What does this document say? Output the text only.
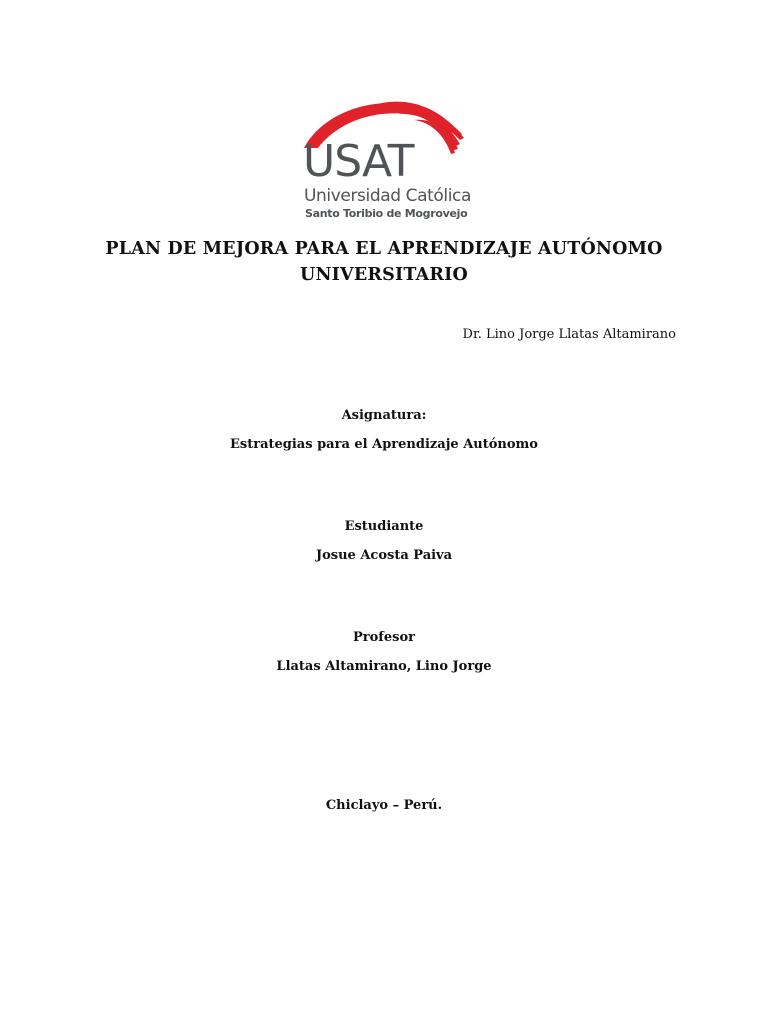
USAT
Universidad Católica
Santo Toribio de Mogrovejo
PLAN DE MEJORA PARA EL APRENDIZAJE AUTÓNOMO
UNIVERSITARIO
Dr. Lino Jorge Llatas Altamirano
Asignatura:
Estrategias para el Aprendizaje Autónomo
Estudiante
Josue Acosta Paiva
Profesor
Llatas Altamirano, Lino Jorge
Chiclayo – Perú.
